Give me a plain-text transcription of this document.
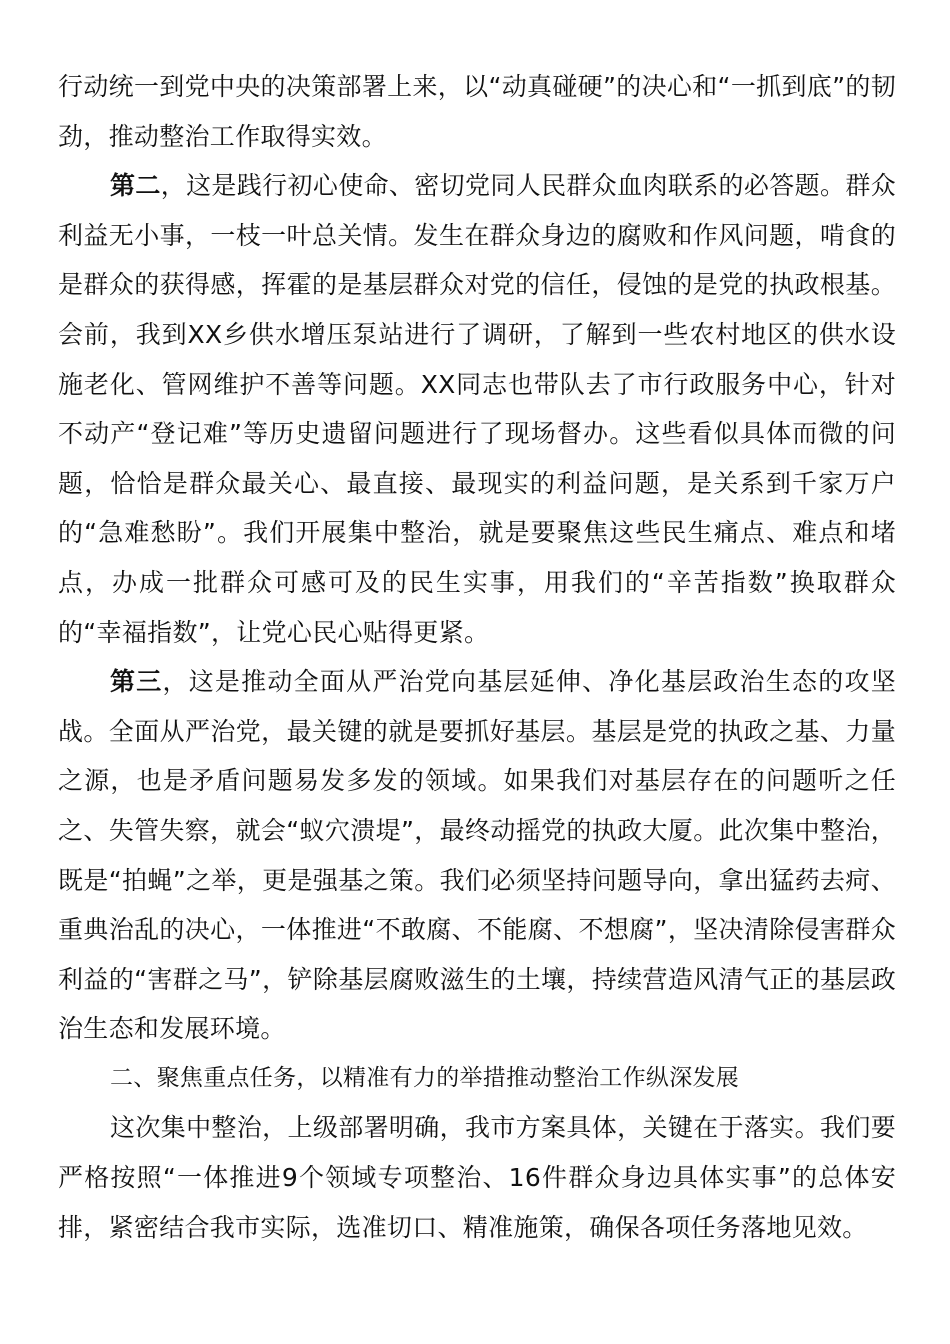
行动统一到党中央的决策部署上来，以“动真碰硬”的决心和“一抓到底”的韧劲，推动整治工作取得实效。

第二，这是践行初心使命、密切党同人民群众血肉联系的必答题。群众利益无小事，一枝一叶总关情。发生在群众身边的腐败和作风问题，啃食的是群众的获得感，挥霍的是基层群众对党的信任，侵蚀的是党的执政根基。会前，我到XX乡供水增压泵站进行了调研，了解到一些农村地区的供水设施老化、管网维护不善等问题。XX同志也带队去了市行政服务中心，针对不动产“登记难”等历史遗留问题进行了现场督办。这些看似具体而微的问题，恰恰是群众最关心、最直接、最现实的利益问题，是关系到千家万户的“急难愁盼”。我们开展集中整治，就是要聚焦这些民生痛点、难点和堵点，办成一批群众可感可及的民生实事，用我们的“辛苦指数”换取群众的“幸福指数”，让党心民心贴得更紧。

第三，这是推动全面从严治党向基层延伸、净化基层政治生态的攻坚战。全面从严治党，最关键的就是要抓好基层。基层是党的执政之基、力量之源，也是矛盾问题易发多发的领域。如果我们对基层存在的问题听之任之、失管失察，就会“蚁穴溃堤”，最终动摇党的执政大厦。此次集中整治，既是“拍蝇”之举，更是强基之策。我们必须坚持问题导向，拿出猛药去疴、重典治乱的决心，一体推进“不敢腐、不能腐、不想腐”，坚决清除侵害群众利益的“害群之马”，铲除基层腐败滋生的土壤，持续营造风清气正的基层政治生态和发展环境。

二、聚焦重点任务，以精准有力的举措推动整治工作纵深发展

这次集中整治，上级部署明确，我市方案具体，关键在于落实。我们要严格按照“一体推进9个领域专项整治、16件群众身边具体实事”的总体安排，紧密结合我市实际，选准切口、精准施策，确保各项任务落地见效。
